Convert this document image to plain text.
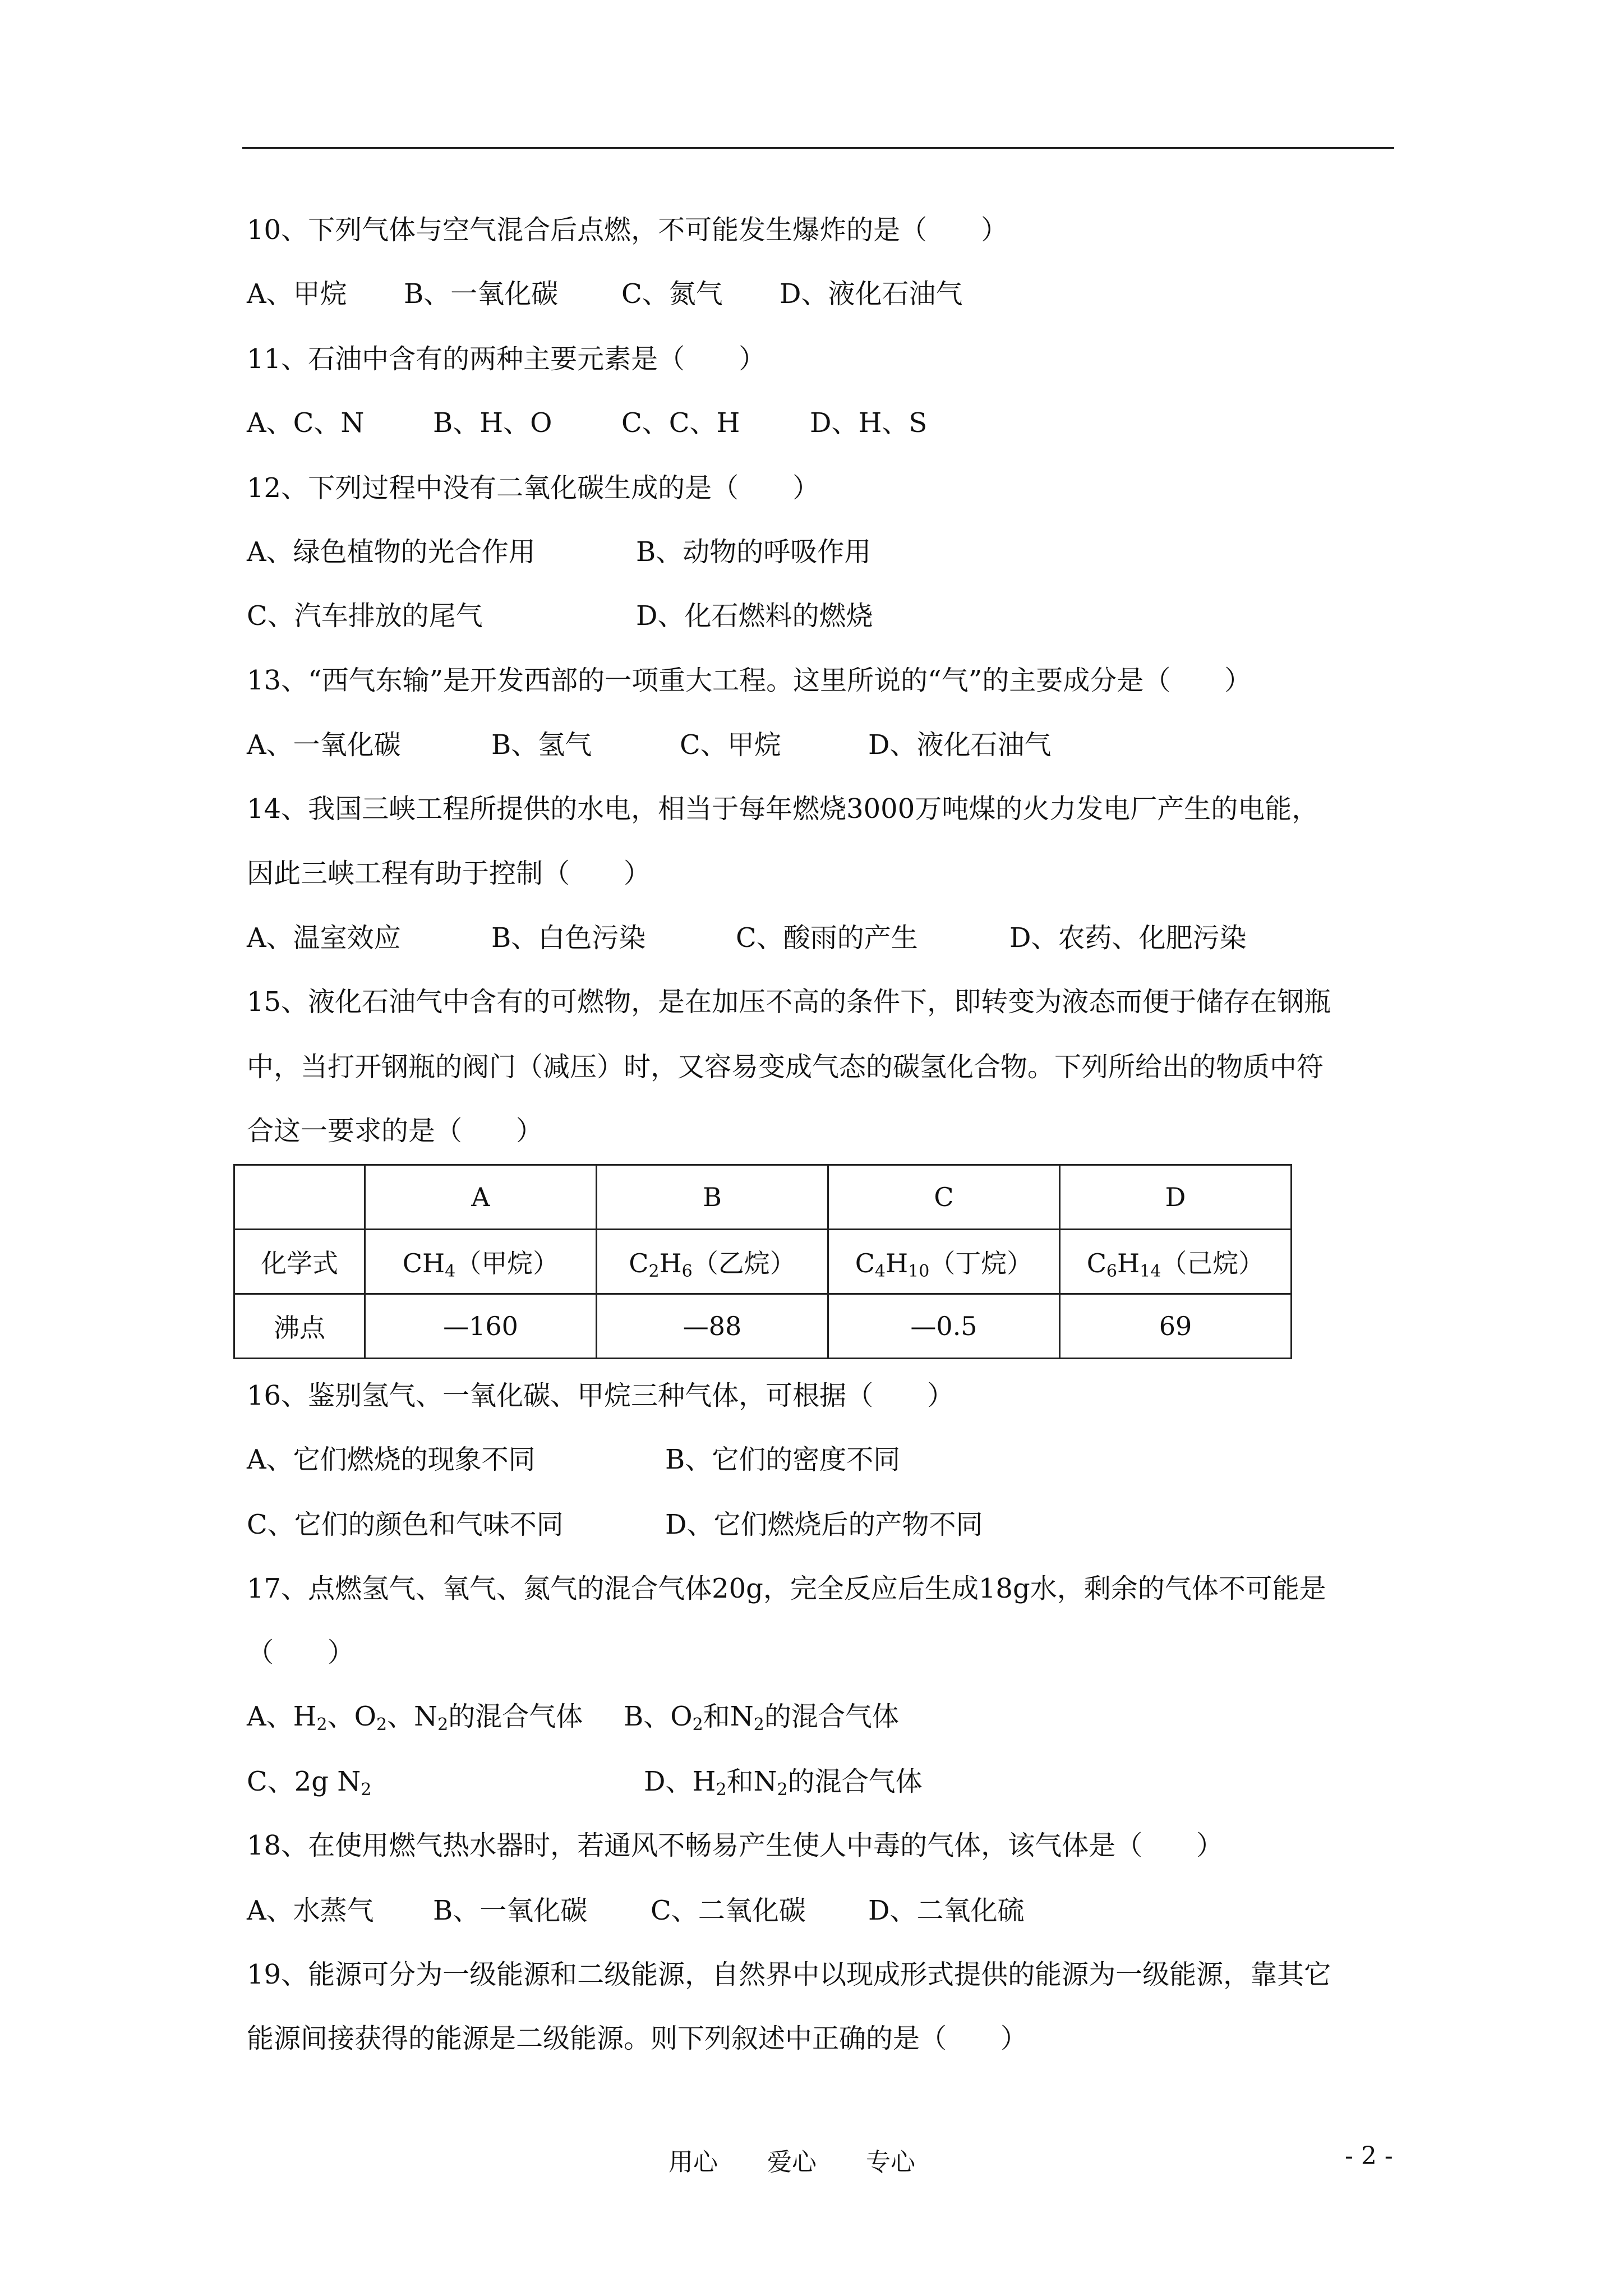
10、下列气体与空气混合后点燃，不可能发生爆炸的是（　　）
A、甲烷 B、一氧化碳 C、氮气 D、液化石油气
11、石油中含有的两种主要元素是（　　）
A、C、N	B、H、O	C、C、H	D、H、S
12、下列过程中没有二氧化碳生成的是（　　）
A、绿色植物的光合作用	B、动物的呼吸作用
C、汽车排放的尾气	D、化石燃料的燃烧
13、“西气东输”是开发西部的一项重大工程。这里所说的“气”的主要成分是（　　）
A、一氧化碳	B、氢气	C、甲烷	D、液化石油气
14、我国三峡工程所提供的水电，相当于每年燃烧3000万吨煤的火力发电厂产生的电能，
因此三峡工程有助于控制（　　）
A、温室效应	B、白色污染	C、酸雨的产生	D、农药、化肥污染
15、液化石油气中含有的可燃物，是在加压不高的条件下，即转变为液态而便于储存在钢瓶
中，当打开钢瓶的阀门（减压）时，又容易变成气态的碳氢化合物。下列所给出的物质中符
合这一要求的是（　　）
	A	B	C	D
化学式	$CH_4$（甲烷）	$C_2H_6$（乙烷）	$C_4H_{10}$（丁烷）	$C_6H_{14}$（己烷）
沸点	—160	—88	—0.5	69
16、鉴别氢气、一氧化碳、甲烷三种气体，可根据（　　）
A、它们燃烧的现象不同	B、它们的密度不同
C、它们的颜色和气味不同	D、它们燃烧后的产物不同
17、点燃氢气、氧气、氮气的混合气体20g，完全反应后生成18g水，剩余的气体不可能是
（　　）
A、$H_2$、$O_2$、$N_2$的混合气体 B、$O_2$和$N_2$的混合气体
C、2g $N_2$	D、$H_2$和$N_2$的混合气体
18、在使用燃气热水器时，若通风不畅易产生使人中毒的气体，该气体是（　　）
A、水蒸气 B、一氧化碳 C、二氧化碳 D、二氧化硫
19、能源可分为一级能源和二级能源，自然界中以现成形式提供的能源为一级能源，靠其它
能源间接获得的能源是二级能源。则下列叙述中正确的是（　　）
用心　　爱心　　专心	- 2 -
